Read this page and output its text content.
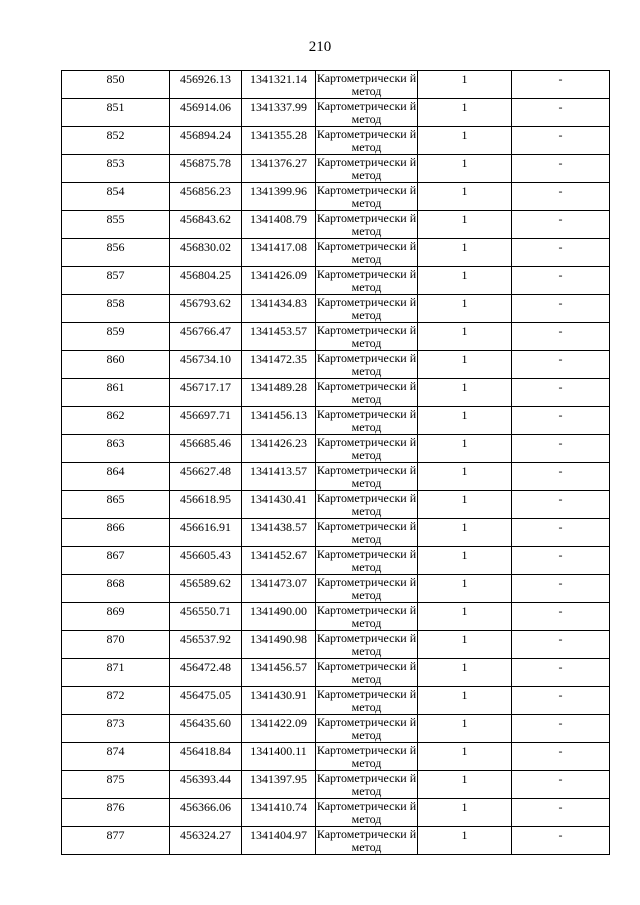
210
850	456926.13	1341321.14	Картометрически й метод	1	-
851	456914.06	1341337.99	Картометрически й метод	1	-
852	456894.24	1341355.28	Картометрически й метод	1	-
853	456875.78	1341376.27	Картометрически й метод	1	-
854	456856.23	1341399.96	Картометрически й метод	1	-
855	456843.62	1341408.79	Картометрически й метод	1	-
856	456830.02	1341417.08	Картометрически й метод	1	-
857	456804.25	1341426.09	Картометрически й метод	1	-
858	456793.62	1341434.83	Картометрически й метод	1	-
859	456766.47	1341453.57	Картометрически й метод	1	-
860	456734.10	1341472.35	Картометрически й метод	1	-
861	456717.17	1341489.28	Картометрически й метод	1	-
862	456697.71	1341456.13	Картометрически й метод	1	-
863	456685.46	1341426.23	Картометрически й метод	1	-
864	456627.48	1341413.57	Картометрически й метод	1	-
865	456618.95	1341430.41	Картометрически й метод	1	-
866	456616.91	1341438.57	Картометрически й метод	1	-
867	456605.43	1341452.67	Картометрически й метод	1	-
868	456589.62	1341473.07	Картометрически й метод	1	-
869	456550.71	1341490.00	Картометрически й метод	1	-
870	456537.92	1341490.98	Картометрически й метод	1	-
871	456472.48	1341456.57	Картометрически й метод	1	-
872	456475.05	1341430.91	Картометрически й метод	1	-
873	456435.60	1341422.09	Картометрически й метод	1	-
874	456418.84	1341400.11	Картометрически й метод	1	-
875	456393.44	1341397.95	Картометрически й метод	1	-
876	456366.06	1341410.74	Картометрически й метод	1	-
877	456324.27	1341404.97	Картометрически й метод	1	-
